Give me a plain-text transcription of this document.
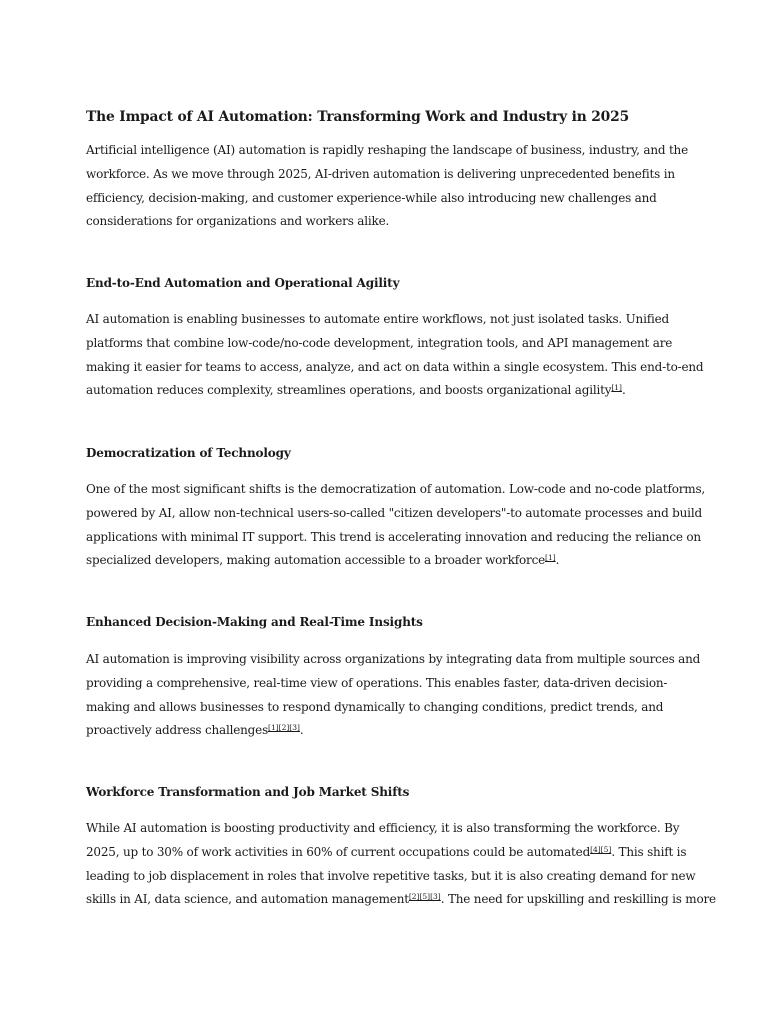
The Impact of AI Automation: Transforming Work and Industry in 2025

Artificial intelligence (AI) automation is rapidly reshaping the landscape of business, industry, and the
workforce. As we move through 2025, AI-driven automation is delivering unprecedented benefits in
efficiency, decision-making, and customer experience-while also introducing new challenges and
considerations for organizations and workers alike.

End-to-End Automation and Operational Agility

AI automation is enabling businesses to automate entire workflows, not just isolated tasks. Unified
platforms that combine low-code/no-code development, integration tools, and API management are
making it easier for teams to access, analyze, and act on data within a single ecosystem. This end-to-end
automation reduces complexity, streamlines operations, and boosts organizational agility[1].

Democratization of Technology

One of the most significant shifts is the democratization of automation. Low-code and no-code platforms,
powered by AI, allow non-technical users-so-called "citizen developers"-to automate processes and build
applications with minimal IT support. This trend is accelerating innovation and reducing the reliance on
specialized developers, making automation accessible to a broader workforce[1].

Enhanced Decision-Making and Real-Time Insights

AI automation is improving visibility across organizations by integrating data from multiple sources and
providing a comprehensive, real-time view of operations. This enables faster, data-driven decision-
making and allows businesses to respond dynamically to changing conditions, predict trends, and
proactively address challenges[1][2][3].

Workforce Transformation and Job Market Shifts

While AI automation is boosting productivity and efficiency, it is also transforming the workforce. By
2025, up to 30% of work activities in 60% of current occupations could be automated[4][5]. This shift is
leading to job displacement in roles that involve repetitive tasks, but it is also creating demand for new
skills in AI, data science, and automation management[2][5][3]. The need for upskilling and reskilling is more
